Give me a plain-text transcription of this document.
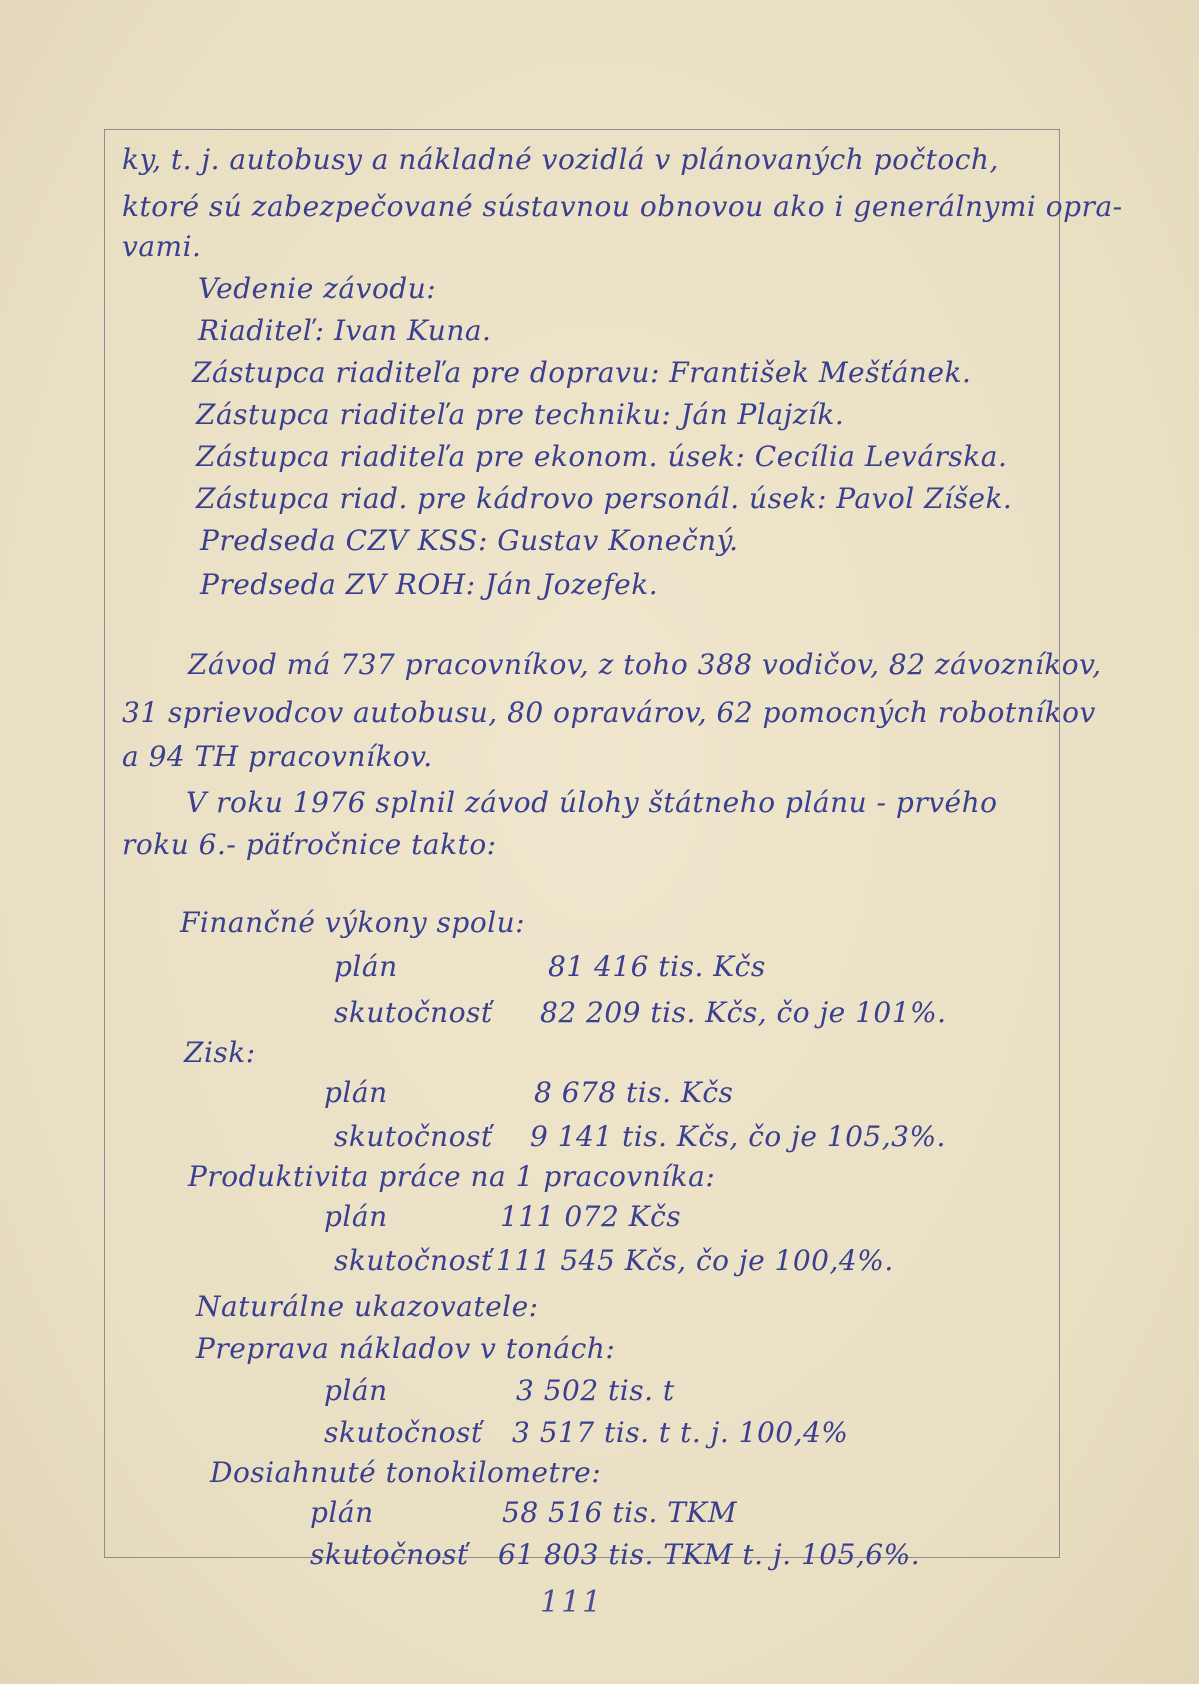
ky, t. j. autobusy a nákladné vozidlá v plánovaných počtoch,
ktoré sú zabezpečované sústavnou obnovou ako i generálnymi opra-
vami.
Vedenie závodu:
Riaditeľ: Ivan Kuna.
Zástupca riaditeľa pre dopravu: František Mešťánek.
Zástupca riaditeľa pre techniku: Ján Plajzík.
Zástupca riaditeľa pre ekonom. úsek: Cecília Levárska.
Zástupca riad. pre kádrovo personál. úsek: Pavol Zíšek.
Predseda CZV KSS: Gustav Konečný.
Predseda ZV ROH: Ján Jozefek.
Závod má 737 pracovníkov, z toho 388 vodičov, 82 závozníkov,
31 sprievodcov autobusu, 80 opravárov, 62 pomocných robotníkov
a 94 TH pracovníkov.
V roku 1976 splnil závod úlohy štátneho plánu - prvého
roku 6.- päťročnice takto:
Finančné výkony spolu:
plán	81 416 tis. Kčs
skutočnosť 82 209 tis. Kčs, čo je 101%.
Zisk:
plán	8 678 tis. Kčs
skutočnosť 9 141 tis. Kčs, čo je 105,3%.
Produktivita práce na 1 pracovníka:
plán	111 072 Kčs
skutočnosť 111 545 Kčs, čo je 100,4%.
Naturálne ukazovatele:
Preprava nákladov v tonách:
plán	3 502 tis. t
skutočnosť 3 517 tis. t t. j. 100,4%
Dosiahnuté tonokilometre:
plán	58 516 tis. TKM
skutočnosť 61 803 tis. TKM t. j. 105,6%.
111
